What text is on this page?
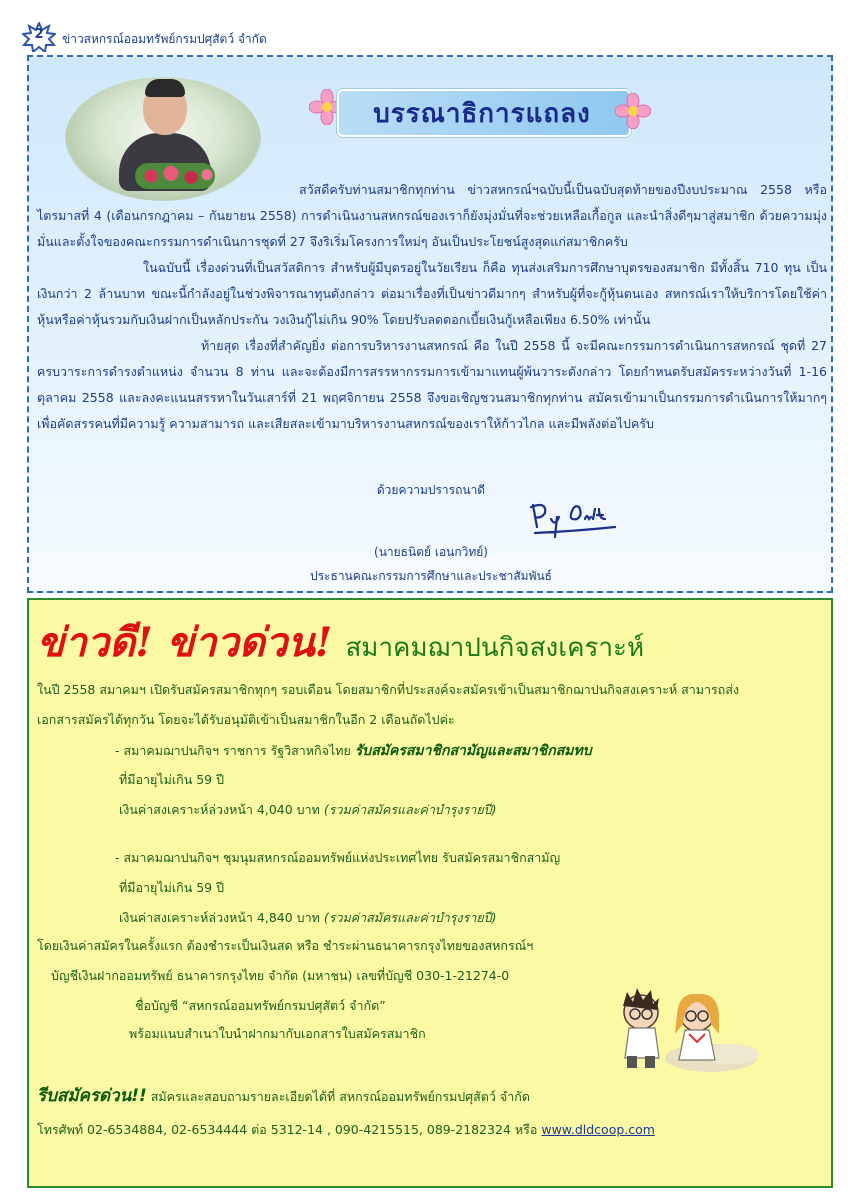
2	ข่าวสหกรณ์ออมทรัพย์กรมปศุสัตว์ จำกัด
บรรณาธิการแถลง

สวัสดีครับท่านสมาชิกทุกท่าน ข่าวสหกรณ์ฯฉบับนี้เป็นฉบับสุดท้ายของปีงบประมาณ 2558 หรือ ไตรมาสที่ 4 (เดือนกรกฎาคม – กันยายน 2558) การดำเนินงานสหกรณ์ของเราก็ยังมุ่งมั่นที่จะช่วยเหลือเกื้อกูล และนำสิ่งดีๆมาสู่สมาชิก ด้วยความมุ่งมั่นและตั้งใจของคณะกรรมการดำเนินการชุดที่ 27 จึงริเริ่มโครงการใหม่ๆ อันเป็นประโยชน์สูงสุดแก่สมาชิกครับ

ในฉบับนี้ เรื่องด่วนที่เป็นสวัสดิการ สำหรับผู้มีบุตรอยู่ในวัยเรียน ก็คือ ทุนส่งเสริมการศึกษาบุตรของสมาชิก มีทั้งสิ้น 710 ทุน เป็นเงินกว่า 2 ล้านบาท ขณะนี้กำลังอยู่ในช่วงพิจารณาทุนดังกล่าว ต่อมาเรื่องที่เป็นข่าวดีมากๆ สำหรับผู้ที่จะกู้หุ้นตนเอง สหกรณ์เราให้บริการโดยใช้ค่าหุ้นหรือค่าหุ้นรวมกับเงินฝากเป็นหลักประกัน วงเงินกู้ไม่เกิน 90% โดยปรับลดดอกเบี้ยเงินกู้เหลือเพียง 6.50% เท่านั้น

ท้ายสุด เรื่องที่สำคัญยิ่ง ต่อการบริหารงานสหกรณ์ คือ ในปี 2558 นี้ จะมีคณะกรรมการดำเนินการสหกรณ์ ชุดที่ 27 ครบวาระการดำรงตำแหน่ง จำนวน 8 ท่าน และจะต้องมีการสรรหากรรมการเข้ามาแทนผู้พ้นวาระดังกล่าว โดยกำหนดรับสมัครระหว่างวันที่ 1-16 ตุลาคม 2558 และลงคะแนนสรรหาในวันเสาร์ที่ 21 พฤศจิกายน 2558 จึงขอเชิญชวนสมาชิกทุกท่าน สมัครเข้ามาเป็นกรรมการดำเนินการให้มากๆ เพื่อคัดสรรคนที่มีความรู้ ความสามารถ และเสียสละเข้ามาบริหารงานสหกรณ์ของเราให้ก้าวไกล และมีพลังต่อไปครับ

ด้วยความปรารถนาดี
(นายธนิตย์ เอนกวิทย์)
ประธานคณะกรรมการศึกษาและประชาสัมพันธ์
ข่าวดี! ข่าวด่วน! สมาคมฌาปนกิจสงเคราะห์
ในปี 2558 สมาคมฯ เปิดรับสมัครสมาชิกทุกๆ รอบเดือน โดยสมาชิกที่ประสงค์จะสมัครเข้าเป็นสมาชิกฌาปนกิจสงเคราะห์ สามารถส่ง
เอกสารสมัครได้ทุกวัน โดยจะได้รับอนุมัติเข้าเป็นสมาชิกในอีก 2 เดือนถัดไปค่ะ
- สมาคมฌาปนกิจฯ ราชการ รัฐวิสาหกิจไทย รับสมัครสมาชิกสามัญและสมาชิกสมทบ
ที่มีอายุไม่เกิน 59 ปี
เงินค่าสงเคราะห์ล่วงหน้า 4,040 บาท (รวมค่าสมัครและค่าบำรุงรายปี)
- สมาคมฌาปนกิจฯ ชุมนุมสหกรณ์ออมทรัพย์แห่งประเทศไทย รับสมัครสมาชิกสามัญ
ที่มีอายุไม่เกิน 59 ปี
เงินค่าสงเคราะห์ล่วงหน้า 4,840 บาท (รวมค่าสมัครและค่าบำรุงรายปี)
โดยเงินค่าสมัครในครั้งแรก ต้องชำระเป็นเงินสด หรือ ชำระผ่านธนาคารกรุงไทยของสหกรณ์ฯ
บัญชีเงินฝากออมทรัพย์ ธนาคารกรุงไทย จำกัด (มหาชน) เลขที่บัญชี 030-1-21274-0
ชื่อบัญชี “สหกรณ์ออมทรัพย์กรมปศุสัตว์ จำกัด”
พร้อมแนบสำเนาใบนำฝากมากับเอกสารใบสมัครสมาชิก
รีบสมัครด่วน!! สมัครและสอบถามรายละเอียดได้ที่ สหกรณ์ออมทรัพย์กรมปศุสัตว์ จำกัด
โทรศัพท์ 02-6534884, 02-6534444 ต่อ 5312-14 , 090-4215515, 089-2182324 หรือ www.dldcoop.com
